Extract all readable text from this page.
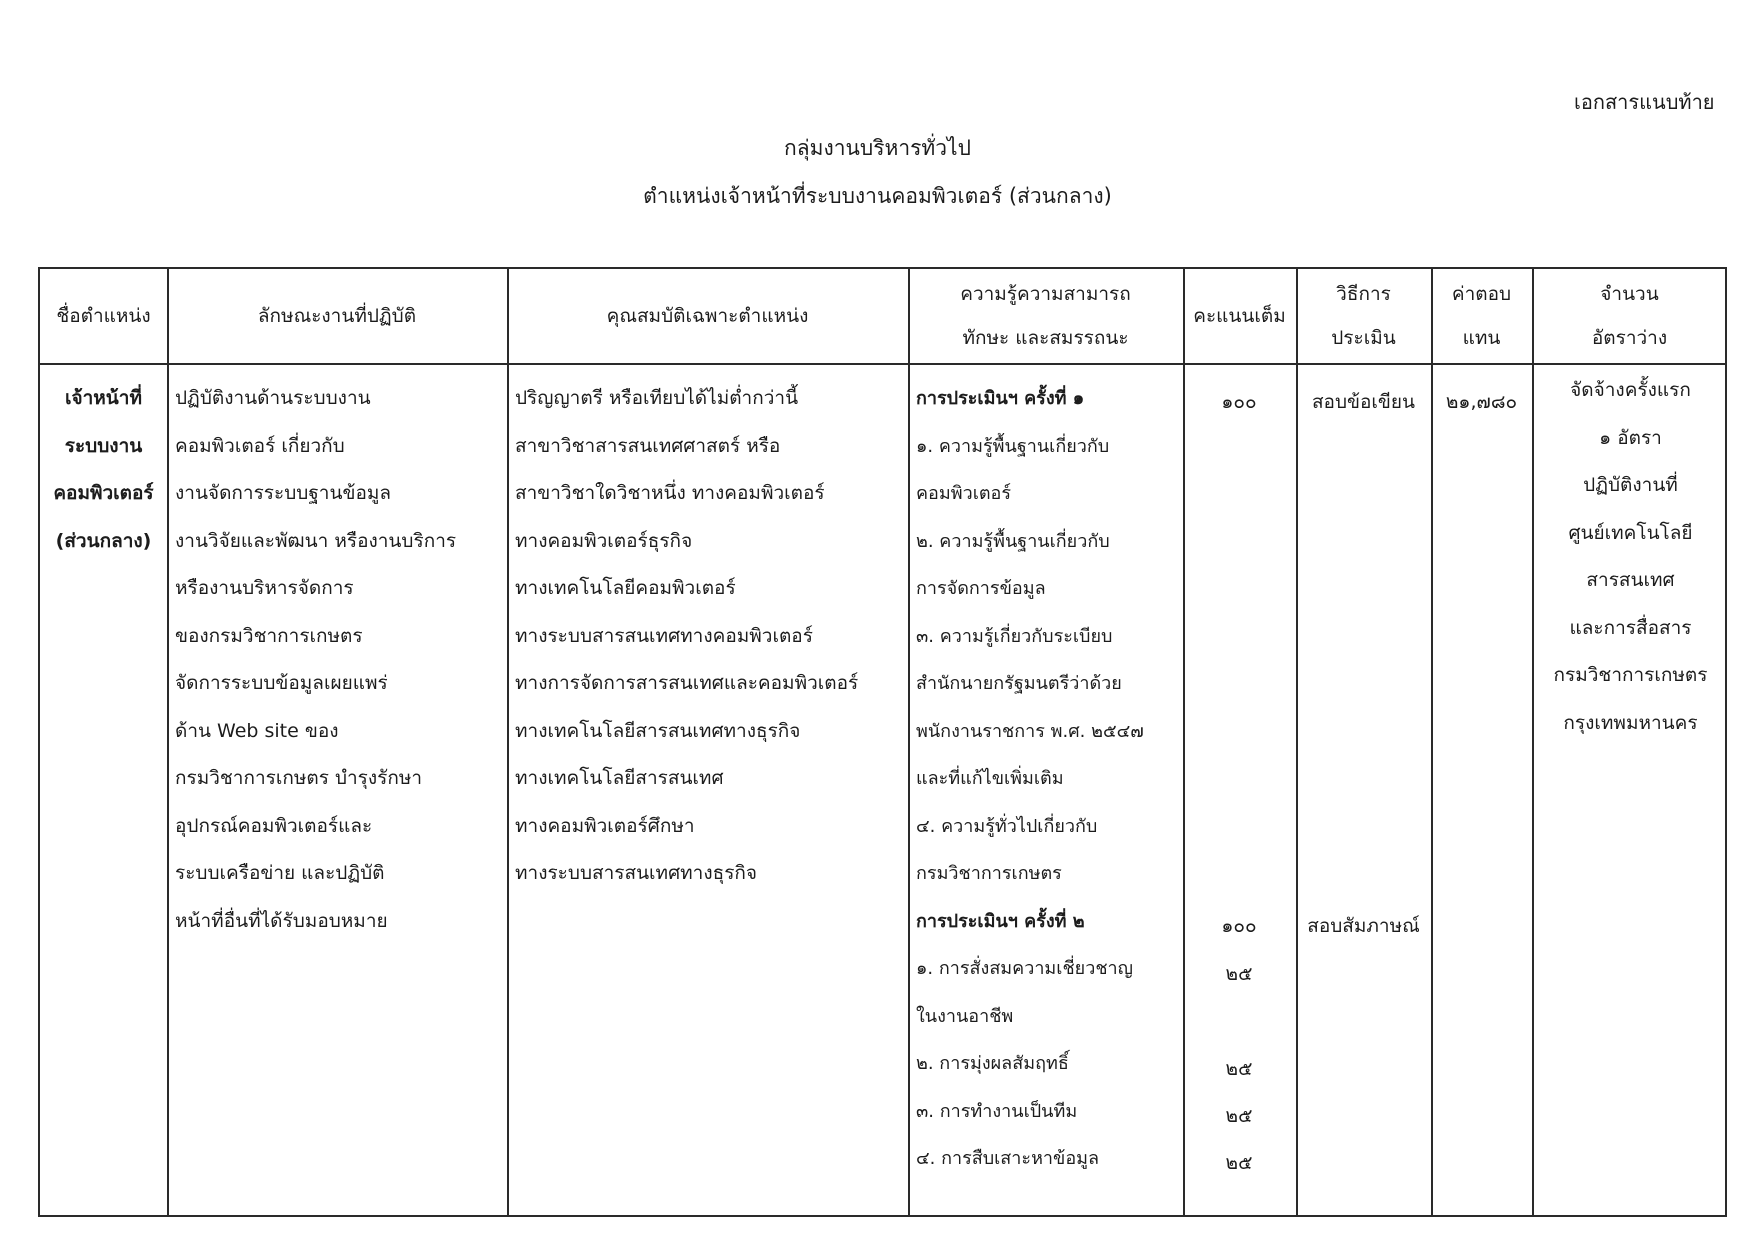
เอกสารแนบท้าย
กลุ่มงานบริหารทั่วไป
ตำแหน่งเจ้าหน้าที่ระบบงานคอมพิวเตอร์ (ส่วนกลาง)
ชื่อตำแหน่ง	ลักษณะงานที่ปฏิบัติ	คุณสมบัติเฉพาะตำแหน่ง
ความรู้ความสามารถ
ทักษะ และสมรรถนะ
คะแนนเต็ม
วิธีการ
ประเมิน
ค่าตอบ
แทน
จำนวน
อัตราว่าง
เจ้าหน้าที่
ระบบงาน
คอมพิวเตอร์
(ส่วนกลาง)
ปฏิบัติงานด้านระบบงาน
คอมพิวเตอร์ เกี่ยวกับ
งานจัดการระบบฐานข้อมูล
งานวิจัยและพัฒนา หรืองานบริการ
หรืองานบริหารจัดการ
ของกรมวิชาการเกษตร
จัดการระบบข้อมูลเผยแพร่
ด้าน Web site ของ
กรมวิชาการเกษตร บำรุงรักษา
อุปกรณ์คอมพิวเตอร์และ
ระบบเครือข่าย และปฏิบัติ
หน้าที่อื่นที่ได้รับมอบหมาย
ปริญญาตรี หรือเทียบได้ไม่ต่ำกว่านี้
สาขาวิชาสารสนเทศศาสตร์ หรือ
สาขาวิชาใดวิชาหนึ่ง ทางคอมพิวเตอร์
ทางคอมพิวเตอร์ธุรกิจ
ทางเทคโนโลยีคอมพิวเตอร์
ทางระบบสารสนเทศทางคอมพิวเตอร์
ทางการจัดการสารสนเทศและคอมพิวเตอร์
ทางเทคโนโลยีสารสนเทศทางธุรกิจ
ทางเทคโนโลยีสารสนเทศ
ทางคอมพิวเตอร์ศึกษา
ทางระบบสารสนเทศทางธุรกิจ
การประเมินฯ ครั้งที่ ๑
๑. ความรู้พื้นฐานเกี่ยวกับ
คอมพิวเตอร์
๒. ความรู้พื้นฐานเกี่ยวกับ
การจัดการข้อมูล
๓. ความรู้เกี่ยวกับระเบียบ
สำนักนายกรัฐมนตรีว่าด้วย
พนักงานราชการ พ.ศ. ๒๕๔๗
และที่แก้ไขเพิ่มเติม
๔. ความรู้ทั่วไปเกี่ยวกับ
กรมวิชาการเกษตร
การประเมินฯ ครั้งที่ ๒
๑. การสั่งสมความเชี่ยวชาญ
ในงานอาชีพ
๒. การมุ่งผลสัมฤทธิ์
๓. การทำงานเป็นทีม
๔. การสืบเสาะหาข้อมูล
๑๐๐
๑๐๐
๒๕
๒๕
๒๕
๒๕
สอบข้อเขียน
สอบสัมภาษณ์
๒๑,๗๘๐
จัดจ้างครั้งแรก
๑ อัตรา
ปฏิบัติงานที่
ศูนย์เทคโนโลยี
สารสนเทศ
และการสื่อสาร
กรมวิชาการเกษตร
กรุงเทพมหานคร
